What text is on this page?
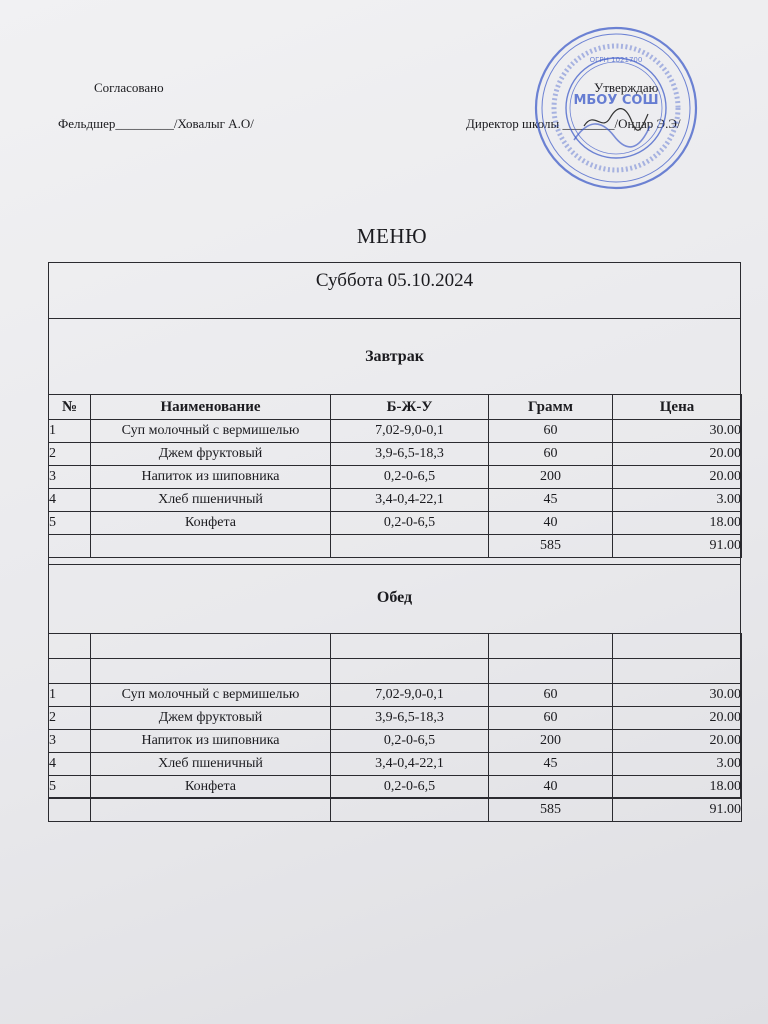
Согласовано
Фельдшер_________/Ховалыг А.О/
Утверждаю
Директор школы ________/Ондар Э.Э/
МБОУ СОШ
ОГРН 1021700
МЕНЮ
Суббота 05.10.2024
Завтрак
№	Наименование	Б-Ж-У	Грамм	Цена
1	Суп молочный с вермишелью	7,02-9,0-0,1	60	30.00
2	Джем фруктовый	3,9-6,5-18,3	60	20.00
3	Напиток из шиповника	0,2-0-6,5	200	20.00
4	Хлеб пшеничный	3,4-0,4-22,1	45	3.00
5	Конфета	0,2-0-6,5	40	18.00
			585	91.00
Обед

1	Суп молочный с вермишелью	7,02-9,0-0,1	60	30.00
2	Джем фруктовый	3,9-6,5-18,3	60	20.00
3	Напиток из шиповника	0,2-0-6,5	200	20.00
4	Хлеб пшеничный	3,4-0,4-22,1	45	3.00
5	Конфета	0,2-0-6,5	40	18.00
			585	91.00
